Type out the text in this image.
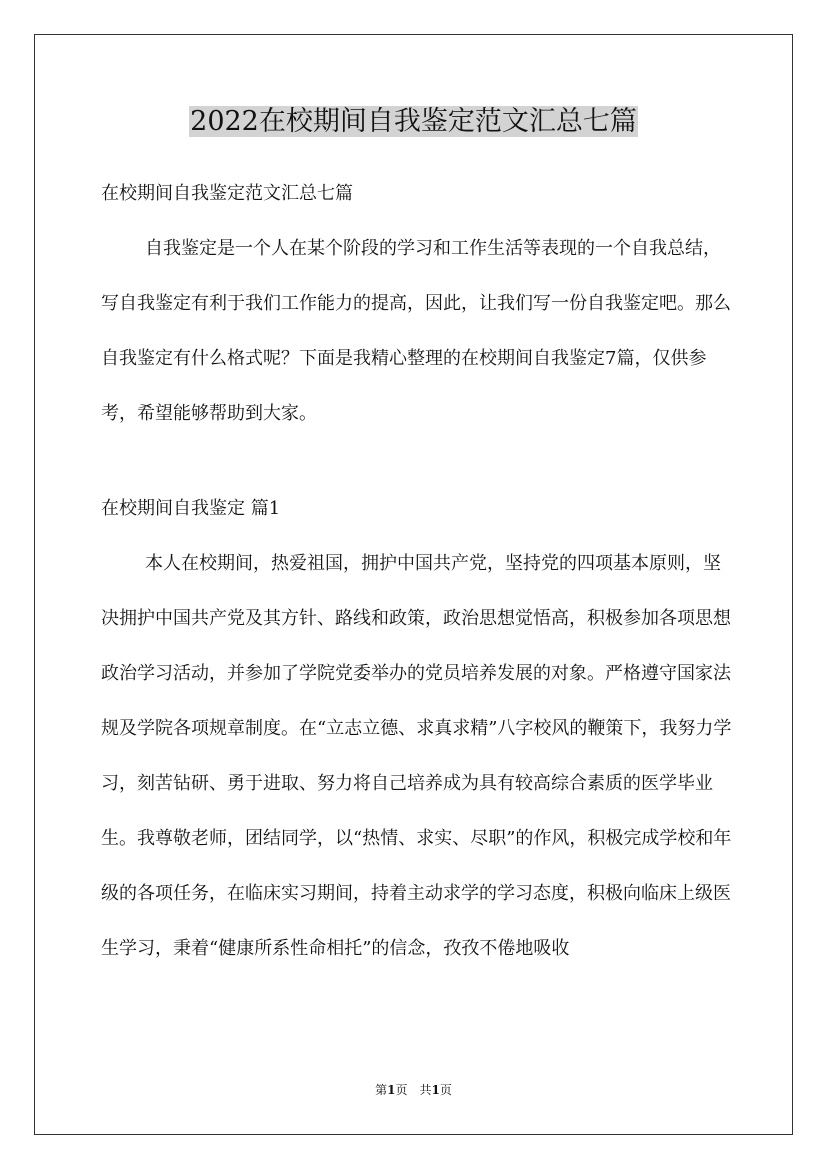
2022在校期间自我鉴定范文汇总七篇

在校期间自我鉴定范文汇总七篇

自我鉴定是一个人在某个阶段的学习和工作生活等表现的一个自我总结，写自我鉴定有利于我们工作能力的提高，因此，让我们写一份自我鉴定吧。那么自我鉴定有什么格式呢？下面是我精心整理的在校期间自我鉴定7篇，仅供参考，希望能够帮助到大家。

在校期间自我鉴定 篇1

本人在校期间，热爱祖国，拥护中国共产党，坚持党的四项基本原则，坚决拥护中国共产党及其方针、路线和政策，政治思想觉悟高，积极参加各项思想政治学习活动，并参加了学院党委举办的党员培养发展的对象。严格遵守国家法规及学院各项规章制度。在“立志立德、求真求精”八字校风的鞭策下，我努力学习，刻苦钻研、勇于进取、努力将自己培养成为具有较高综合素质的医学毕业生。我尊敬老师，团结同学，以“热情、求实、尽职”的作风，积极完成学校和年级的各项任务，在临床实习期间，持着主动求学的学习态度，积极向临床上级医生学习，秉着“健康所系性命相托”的信念，孜孜不倦地吸收

第1页　共1页
